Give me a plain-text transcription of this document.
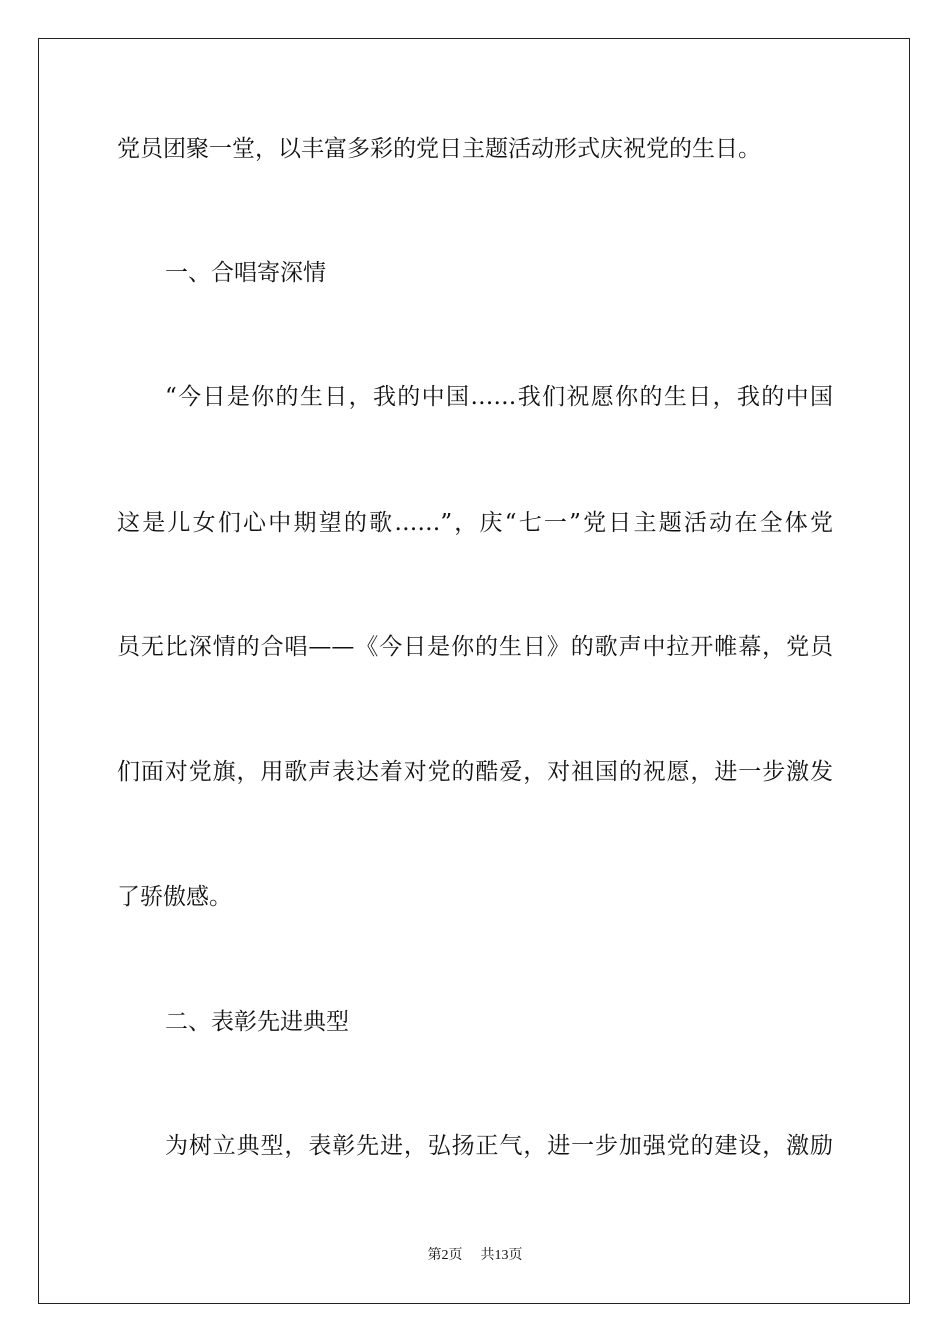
党员团聚一堂，以丰富多彩的党日主题活动形式庆祝党的生日。
一、合唱寄深情
“今日是你的生日，我的中国……我们祝愿你的生日，我的中国
这是儿女们心中期望的歌……”，庆“七一”党日主题活动在全体党
员无比深情的合唱——《今日是你的生日》的歌声中拉开帷幕，党员
们面对党旗，用歌声表达着对党的酷爱，对祖国的祝愿，进一步激发
了骄傲感。
二、表彰先进典型
为树立典型，表彰先进，弘扬正气，进一步加强党的建设，激励
第2页 共13页
